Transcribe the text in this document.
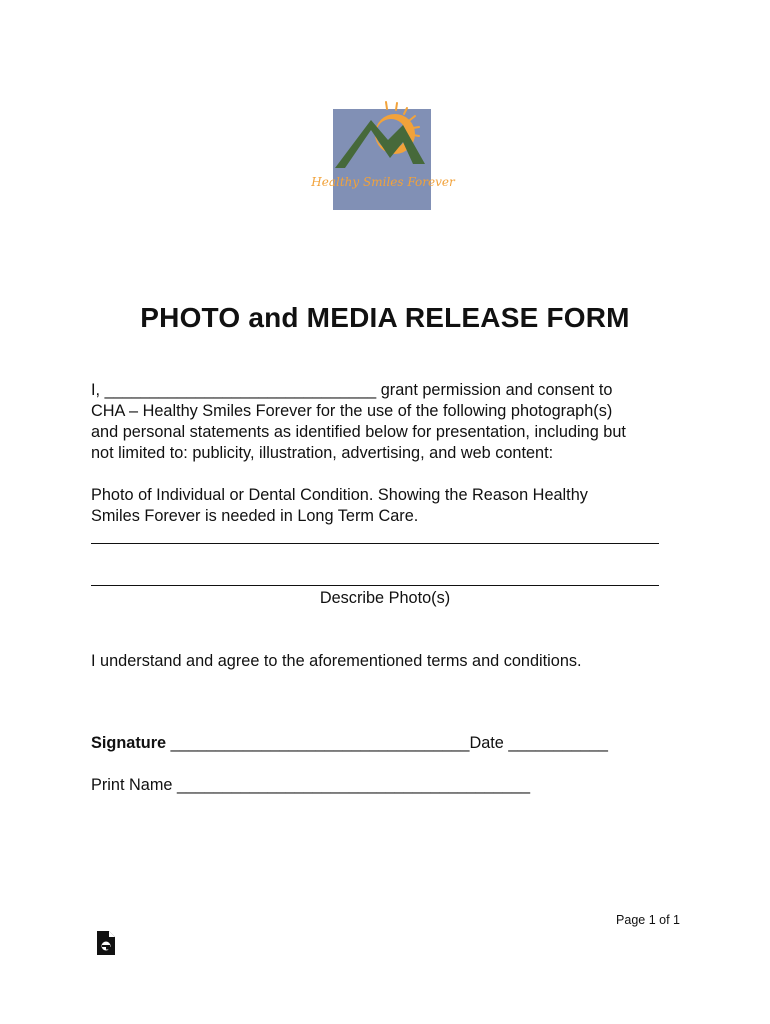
Healthy Smiles Forever
PHOTO and MEDIA RELEASE FORM
I, ______________________________ grant permission and consent to
CHA – Healthy Smiles Forever for the use of the following photograph(s)
and personal statements as identified below for presentation, including but
not limited to: publicity, illustration, advertising, and web content:
Photo of Individual or Dental Condition. Showing the Reason Healthy
Smiles Forever is needed in Long Term Care.
Describe Photo(s)
I understand and agree to the aforementioned terms and conditions.
Signature _________________________________Date ___________
Print Name _______________________________________
Page 1 of 1
